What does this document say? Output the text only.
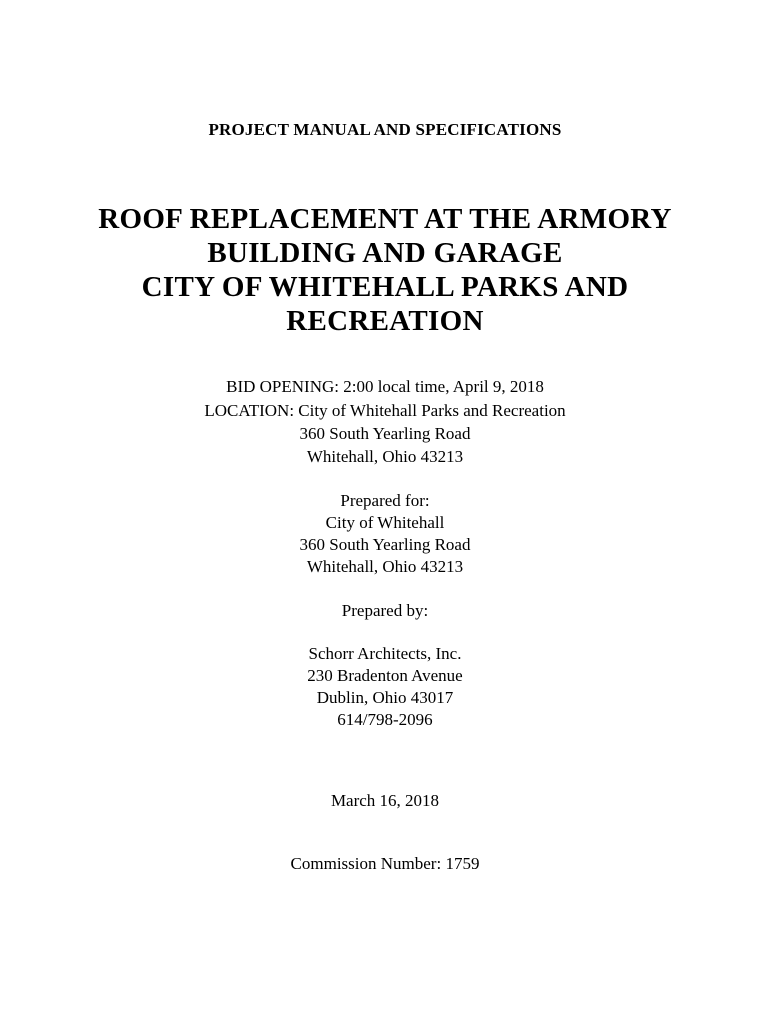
PROJECT MANUAL AND SPECIFICATIONS
ROOF REPLACEMENT AT THE ARMORY
BUILDING AND GARAGE
CITY OF WHITEHALL PARKS AND
RECREATION
BID OPENING: 2:00 local time, April 9, 2018
LOCATION: City of Whitehall Parks and Recreation
360 South Yearling Road
Whitehall, Ohio 43213
Prepared for:
City of Whitehall
360 South Yearling Road
Whitehall, Ohio 43213
Prepared by:
Schorr Architects, Inc.
230 Bradenton Avenue
Dublin, Ohio 43017
614/798-2096
March 16, 2018
Commission Number: 1759
